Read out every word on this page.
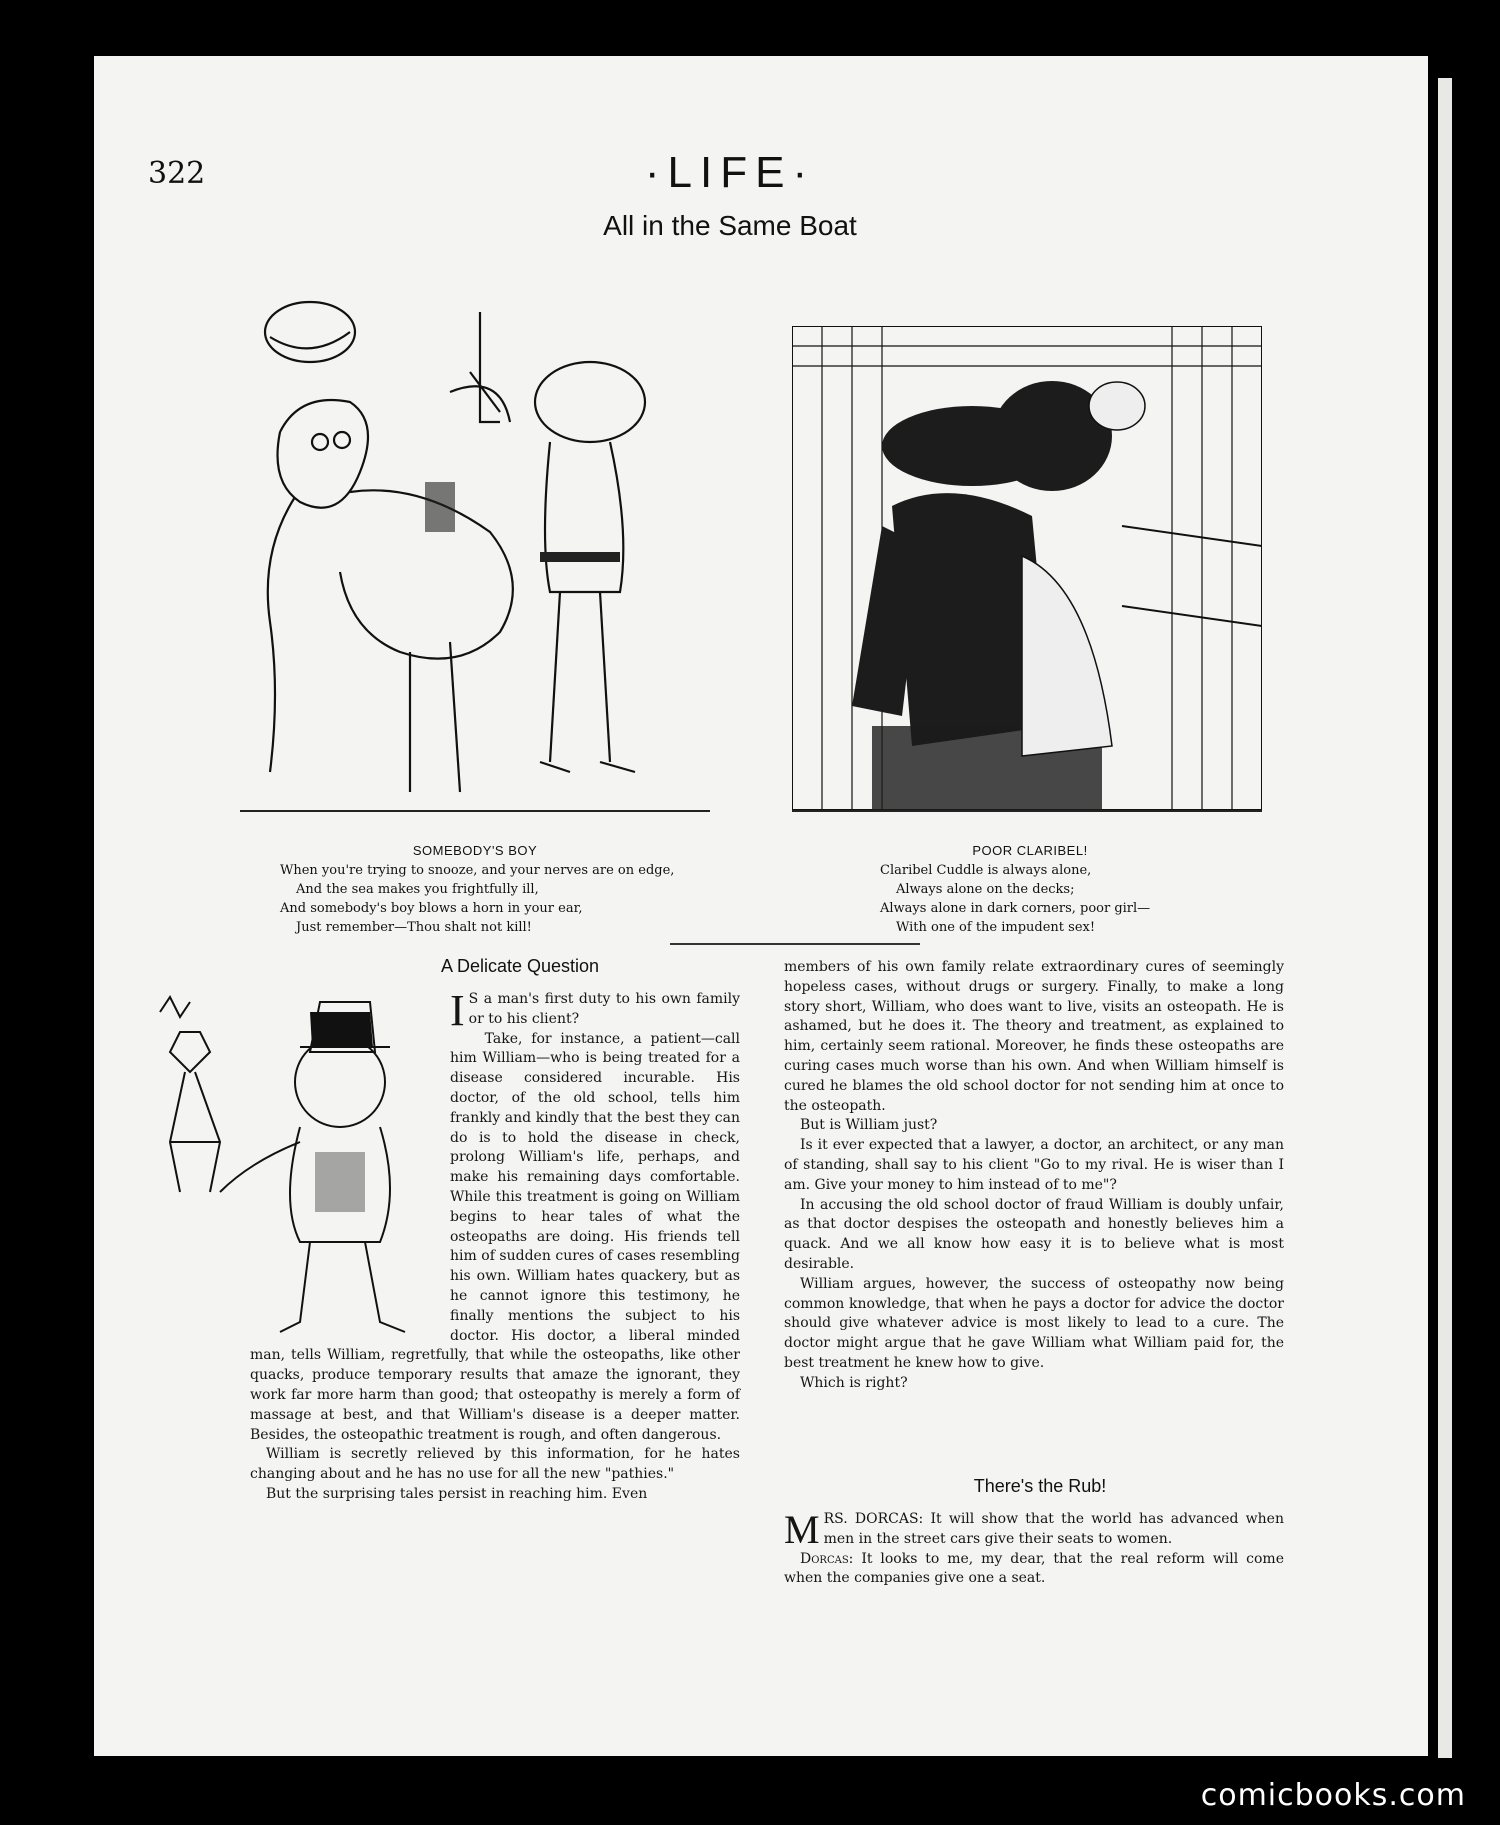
322	·LIFE·
All in the Same Boat
SOMEBODY'S BOY
When you're trying to snooze, and your nerves are on edge,
And the sea makes you frightfully ill,
And somebody's boy blows a horn in your ear,
Just remember—Thou shalt not kill!
POOR CLARIBEL!
Claribel Cuddle is always alone,
Always alone on the decks;
Always alone in dark corners, poor girl—
With one of the impudent sex!
A Delicate Question

I S a man's first duty to his own family or to his client?

Take, for instance, a patient—call him William—who is being treated for a disease considered incurable. His doctor, of the old school, tells him frankly and kindly that the best they can do is to hold the disease in check, prolong William's life, perhaps, and make his remaining days comfortable. While this treatment is going on William begins to hear tales of what the osteopaths are doing. His friends tell him of sudden cures of cases resembling his own. William hates quackery, but as he cannot ignore this testimony, he finally mentions the subject to his doctor. His doctor, a liberal minded man, tells William, regretfully, that while the osteopaths, like other quacks, produce temporary results that amaze the ignorant, they work far more harm than good; that osteopathy is merely a form of massage at best, and that William's disease is a deeper matter. Besides, the osteopathic treatment is rough, and often dangerous.

William is secretly relieved by this information, for he hates changing about and he has no use for all the new "pathies."

But the surprising tales persist in reaching him. Even

members of his own family relate extraordinary cures of seemingly hopeless cases, without drugs or surgery. Finally, to make a long story short, William, who does want to live, visits an osteopath. He is ashamed, but he does it. The theory and treatment, as explained to him, certainly seem rational. Moreover, he finds these osteopaths are curing cases much worse than his own. And when William himself is cured he blames the old school doctor for not sending him at once to the osteopath.

But is William just?

Is it ever expected that a lawyer, a doctor, an architect, or any man of standing, shall say to his client "Go to my rival. He is wiser than I am. Give your money to him instead of to me"?

In accusing the old school doctor of fraud William is doubly unfair, as that doctor despises the osteopath and honestly believes him a quack. And we all know how easy it is to believe what is most desirable.

William argues, however, the success of osteopathy now being common knowledge, that when he pays a doctor for advice the doctor should give whatever advice is most likely to lead to a cure. The doctor might argue that he gave William what William paid for, the best treatment he knew how to give.

Which is right?

There's the Rub!

MRS. DORCAS: It will show that the world has advanced when men in the street cars give their seats to women.

Dorcas: It looks to me, my dear, that the real reform will come when the companies give one a seat.

comicbooks.com
